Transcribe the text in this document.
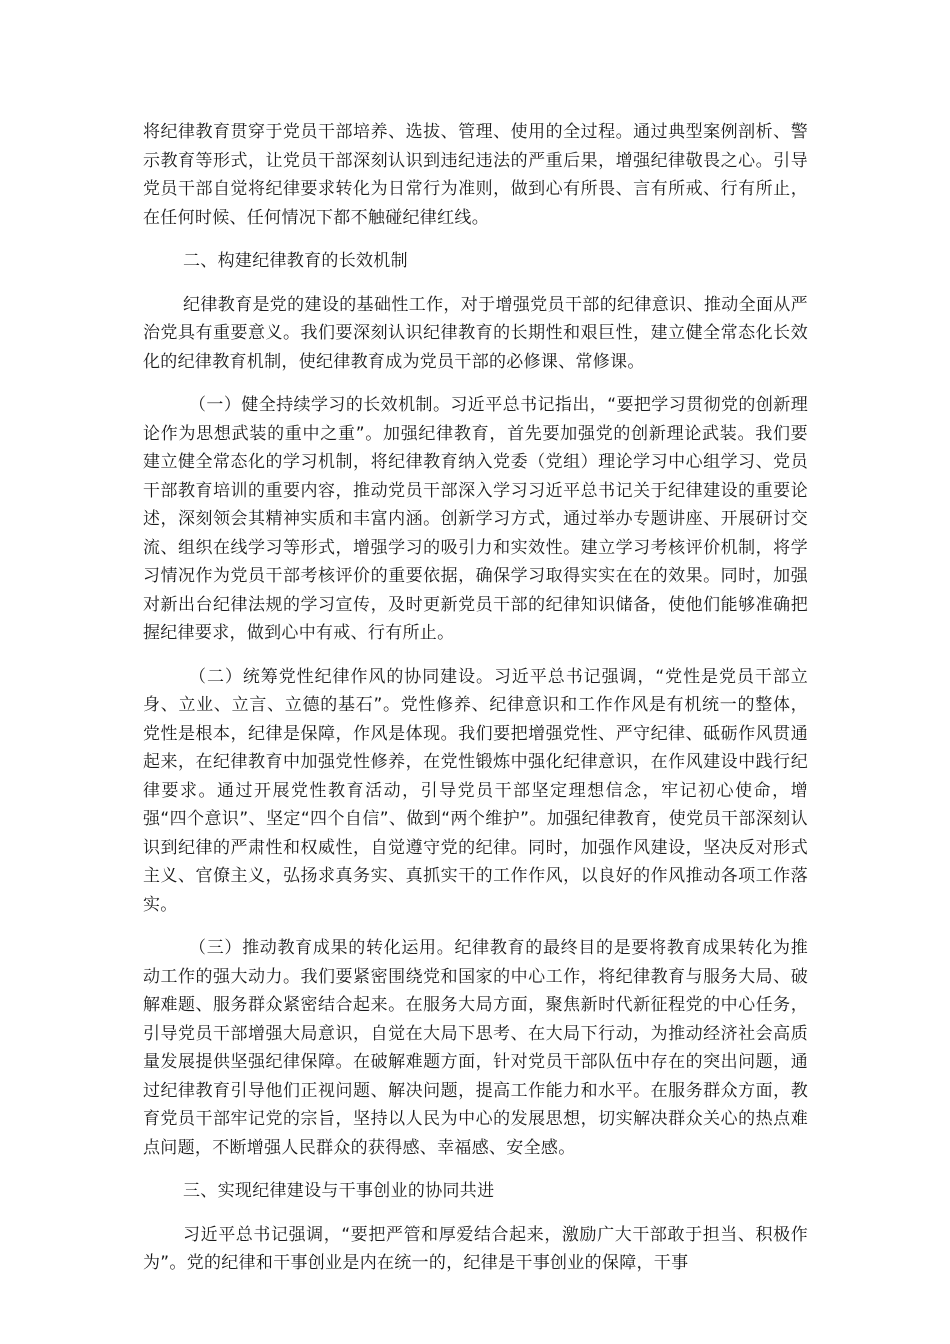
将纪律教育贯穿于党员干部培养、选拔、管理、使用的全过程。通过典型案例剖析、警示教育等形式，让党员干部深刻认识到违纪违法的严重后果，增强纪律敬畏之心。引导党员干部自觉将纪律要求转化为日常行为准则，做到心有所畏、言有所戒、行有所止，在任何时候、任何情况下都不触碰纪律红线。

二、构建纪律教育的长效机制

纪律教育是党的建设的基础性工作，对于增强党员干部的纪律意识、推动全面从严治党具有重要意义。我们要深刻认识纪律教育的长期性和艰巨性，建立健全常态化长效化的纪律教育机制，使纪律教育成为党员干部的必修课、常修课。

（一）健全持续学习的长效机制。习近平总书记指出，“要把学习贯彻党的创新理论作为思想武装的重中之重”。加强纪律教育，首先要加强党的创新理论武装。我们要建立健全常态化的学习机制，将纪律教育纳入党委（党组）理论学习中心组学习、党员干部教育培训的重要内容，推动党员干部深入学习习近平总书记关于纪律建设的重要论述，深刻领会其精神实质和丰富内涵。创新学习方式，通过举办专题讲座、开展研讨交流、组织在线学习等形式，增强学习的吸引力和实效性。建立学习考核评价机制，将学习情况作为党员干部考核评价的重要依据，确保学习取得实实在在的效果。同时，加强对新出台纪律法规的学习宣传，及时更新党员干部的纪律知识储备，使他们能够准确把握纪律要求，做到心中有戒、行有所止。

（二）统筹党性纪律作风的协同建设。习近平总书记强调，“党性是党员干部立身、立业、立言、立德的基石”。党性修养、纪律意识和工作作风是有机统一的整体，党性是根本，纪律是保障，作风是体现。我们要把增强党性、严守纪律、砥砺作风贯通起来，在纪律教育中加强党性修养，在党性锻炼中强化纪律意识，在作风建设中践行纪律要求。通过开展党性教育活动，引导党员干部坚定理想信念，牢记初心使命，增强“四个意识”、坚定“四个自信”、做到“两个维护”。加强纪律教育，使党员干部深刻认识到纪律的严肃性和权威性，自觉遵守党的纪律。同时，加强作风建设，坚决反对形式主义、官僚主义，弘扬求真务实、真抓实干的工作作风，以良好的作风推动各项工作落实。

（三）推动教育成果的转化运用。纪律教育的最终目的是要将教育成果转化为推动工作的强大动力。我们要紧密围绕党和国家的中心工作，将纪律教育与服务大局、破解难题、服务群众紧密结合起来。在服务大局方面，聚焦新时代新征程党的中心任务，引导党员干部增强大局意识，自觉在大局下思考、在大局下行动，为推动经济社会高质量发展提供坚强纪律保障。在破解难题方面，针对党员干部队伍中存在的突出问题，通过纪律教育引导他们正视问题、解决问题，提高工作能力和水平。在服务群众方面，教育党员干部牢记党的宗旨，坚持以人民为中心的发展思想，切实解决群众关心的热点难点问题，不断增强人民群众的获得感、幸福感、安全感。

三、实现纪律建设与干事创业的协同共进

习近平总书记强调，“要把严管和厚爱结合起来，激励广大干部敢于担当、积极作为”。党的纪律和干事创业是内在统一的，纪律是干事创业的保障，干事
